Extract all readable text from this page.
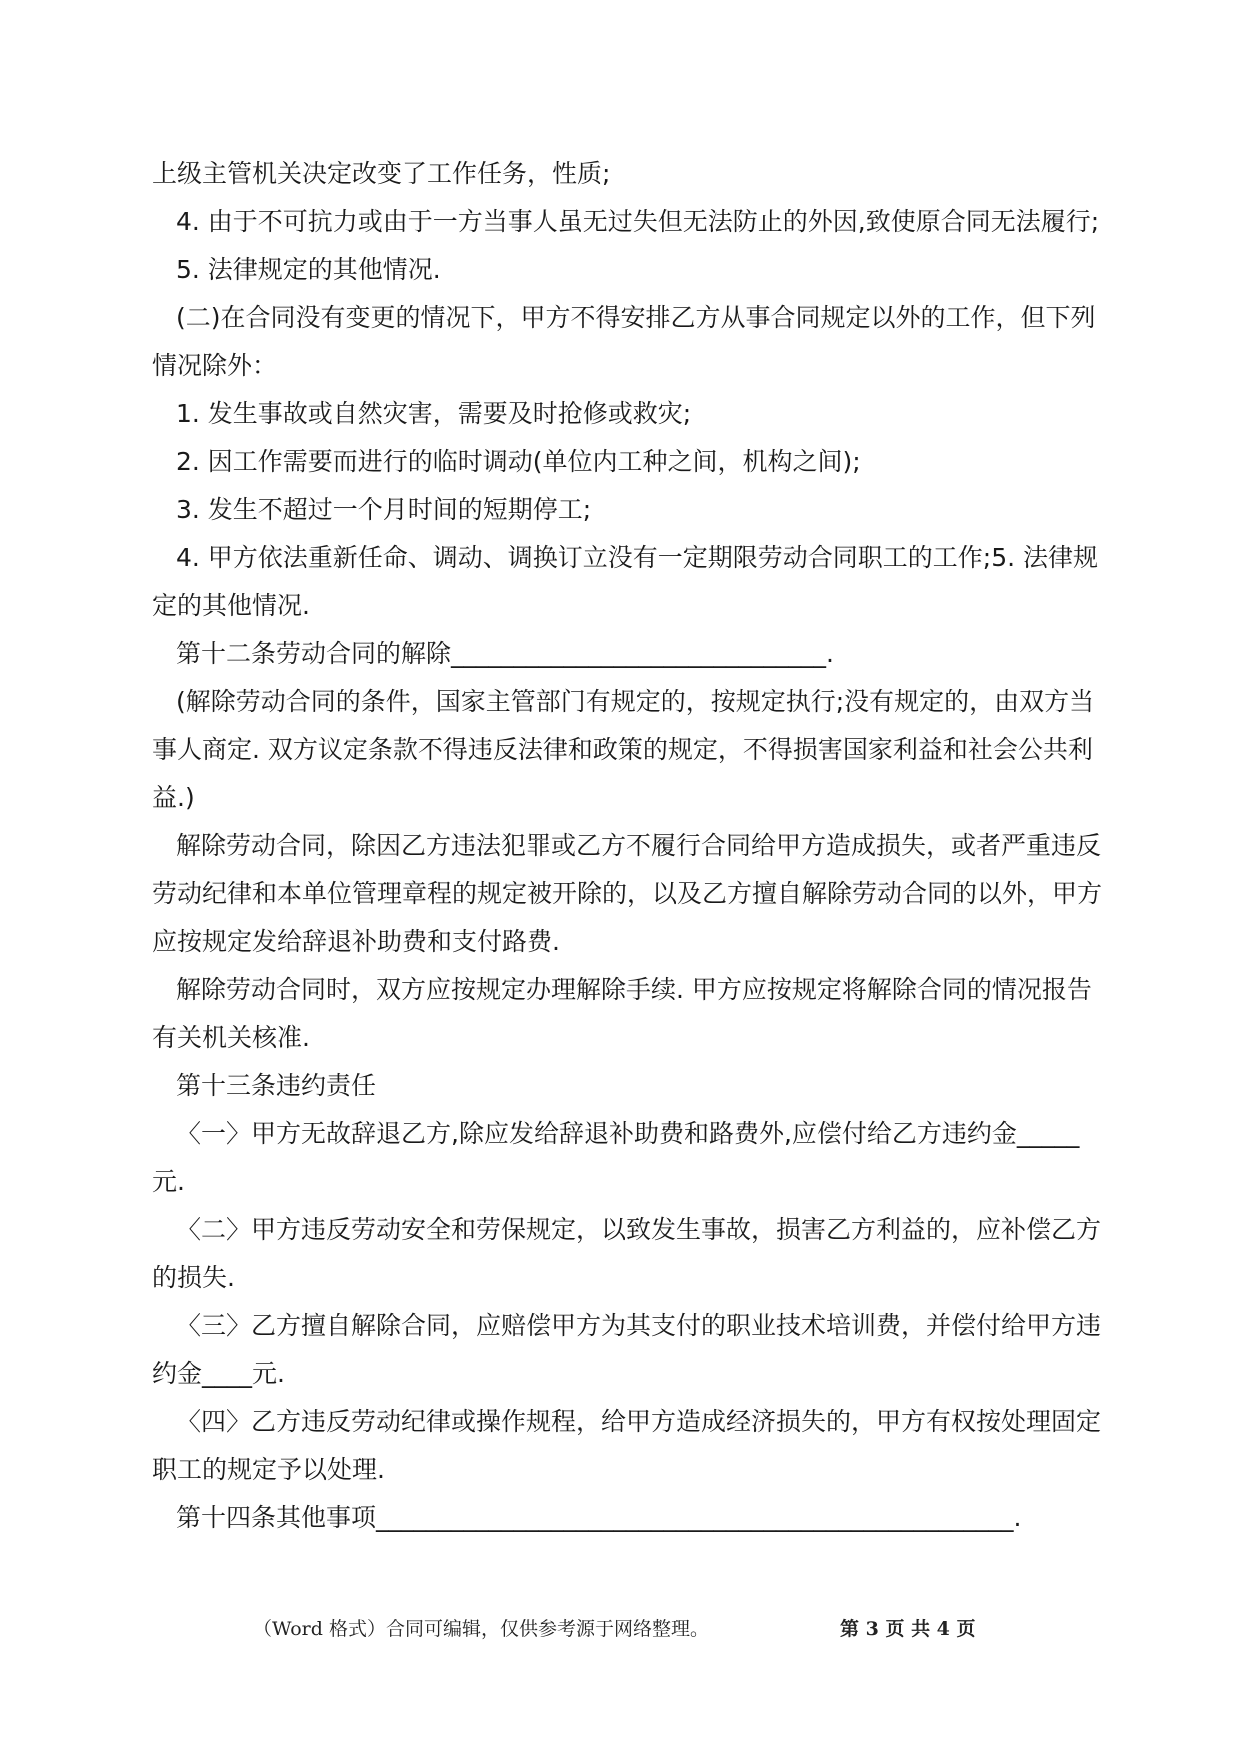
上级主管机关决定改变了工作任务，性质;
4. 由于不可抗力或由于一方当事人虽无过失但无法防止的外因,致使原合同无法履行;
5. 法律规定的其他情况.
(二)在合同没有变更的情况下，甲方不得安排乙方从事合同规定以外的工作，但下列
情况除外：
1. 发生事故或自然灾害，需要及时抢修或救灾;
2. 因工作需要而进行的临时调动(单位内工种之间，机构之间);
3. 发生不超过一个月时间的短期停工;
4. 甲方依法重新任命、调动、调换订立没有一定期限劳动合同职工的工作;5. 法律规
定的其他情况.
第十二条劳动合同的解除______________________________.
(解除劳动合同的条件，国家主管部门有规定的，按规定执行;没有规定的，由双方当
事人商定. 双方议定条款不得违反法律和政策的规定，不得损害国家利益和社会公共利
益.)
解除劳动合同，除因乙方违法犯罪或乙方不履行合同给甲方造成损失，或者严重违反
劳动纪律和本单位管理章程的规定被开除的，以及乙方擅自解除劳动合同的以外，甲方
应按规定发给辞退补助费和支付路费.
解除劳动合同时，双方应按规定办理解除手续. 甲方应按规定将解除合同的情况报告
有关机关核准.
第十三条违约责任
〈一〉甲方无故辞退乙方,除应发给辞退补助费和路费外,应偿付给乙方违约金_____
元.
〈二〉甲方违反劳动安全和劳保规定，以致发生事故，损害乙方利益的，应补偿乙方
的损失.
〈三〉乙方擅自解除合同，应赔偿甲方为其支付的职业技术培训费，并偿付给甲方违
约金____元.
〈四〉乙方违反劳动纪律或操作规程，给甲方造成经济损失的，甲方有权按处理固定
职工的规定予以处理.
第十四条其他事项___________________________________________________.
（Word 格式）合同可编辑，仅供参考源于网络整理。	第 3 页 共 4 页
